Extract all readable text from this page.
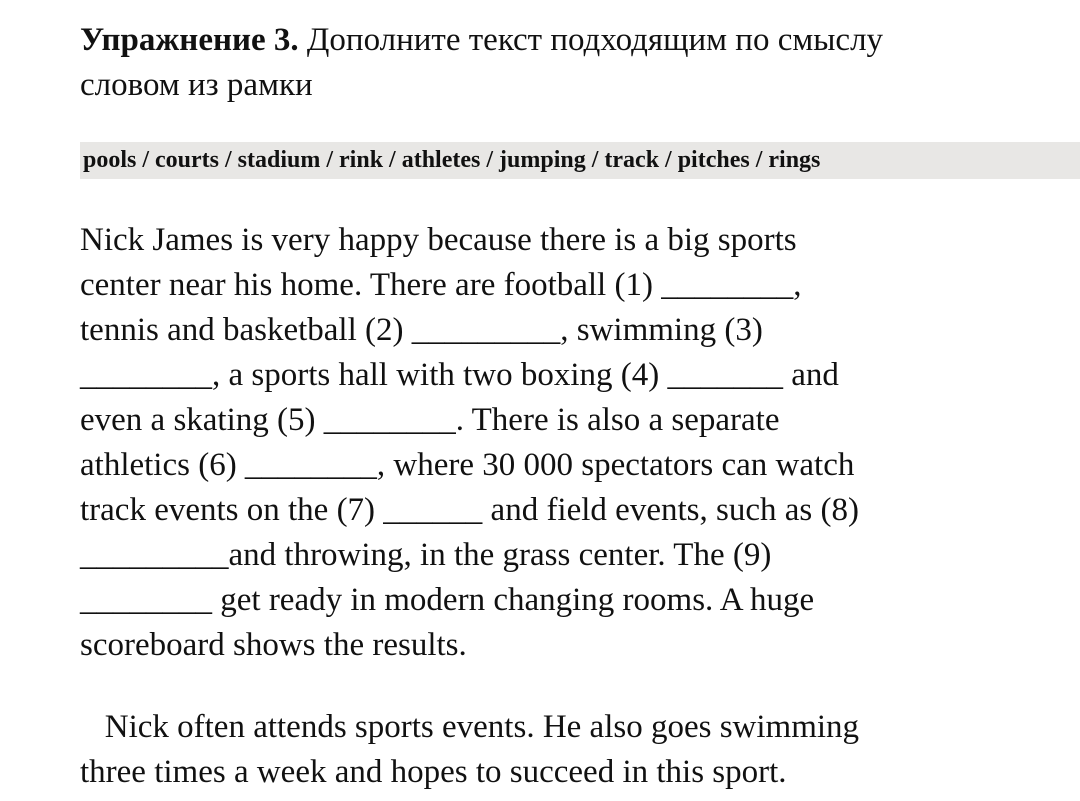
Упражнение 3. Дополните текст подходящим по смыслу
словом из рамки
pools / courts / stadium / rink / athletes / jumping / track / pitches / rings
Nick James is very happy because there is a big sports
center near his home. There are football (1) ________,
tennis and basketball (2) _________, swimming (3)
________, a sports hall with two boxing (4) _______ and
even a skating (5) ________. There is also a separate
athletics (6) ________, where 30 000 spectators can watch
track events on the (7) ______ and field events, such as (8)
_________and throwing, in the grass center. The (9)
________ get ready in modern changing rooms. A huge
scoreboard shows the results.
Nick often attends sports events. He also goes swimming
three times a week and hopes to succeed in this sport.
